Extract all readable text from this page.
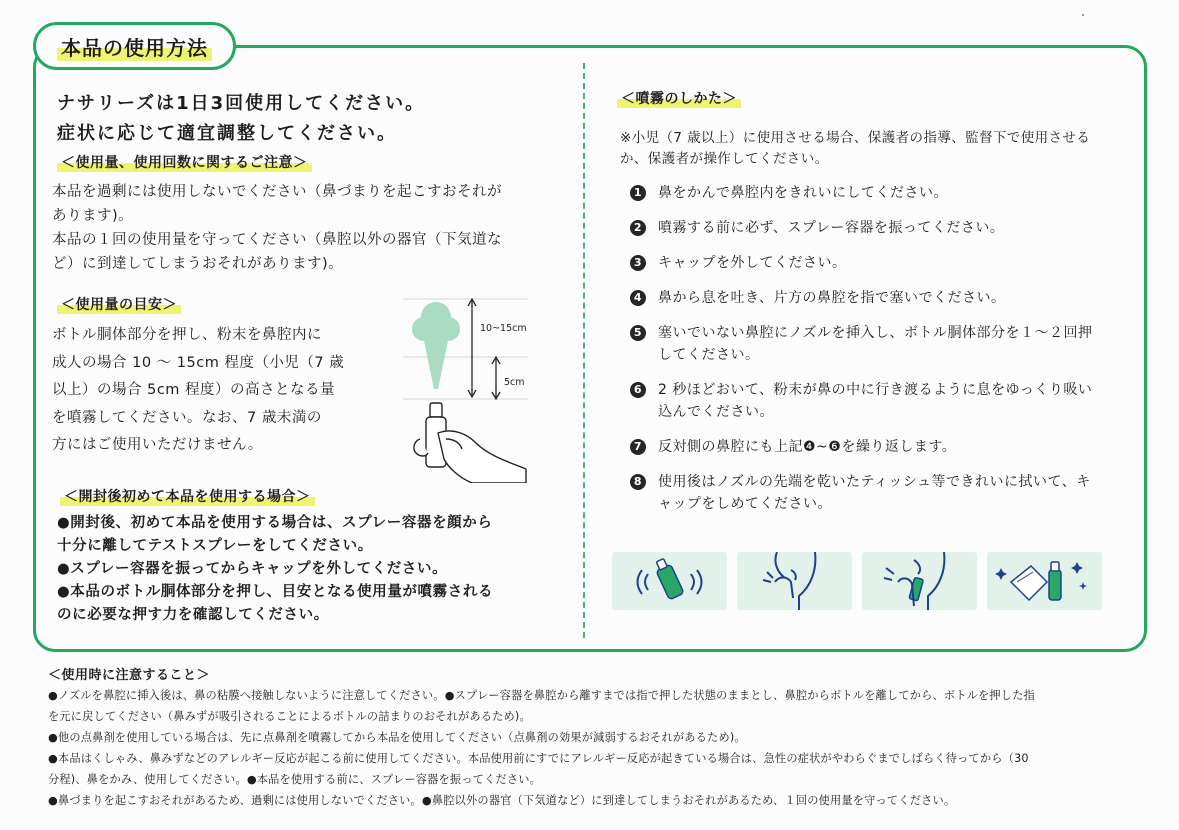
本品の使用方法
ナサリーズは1日3回使用してください。
症状に応じて適宜調整してください。
＜使用量、使用回数に関するご注意＞

本品を過剰には使用しないでください（鼻づまりを起こすおそれが

あります)。

本品の１回の使用量を守ってください（鼻腔以外の器官（下気道な

ど）に到達してしまうおそれがあります)。

＜使用量の目安＞

ボトル胴体部分を押し、粉末を鼻腔内に

成人の場合 10 ～ 15cm 程度（小児（7 歳

以上）の場合 5cm 程度）の高さとなる量

を噴霧してください。なお、7 歳未満の

方にはご使用いただけません。

10~15cm
5cm
＜開封後初めて本品を使用する場合＞

●開封後、初めて本品を使用する場合は、スプレー容器を顔から

十分に離してテストスプレーをしてください。

●スプレー容器を振ってからキャップを外してください。

●本品のボトル胴体部分を押し、目安となる使用量が噴霧される

のに必要な押す力を確認してください。

＜噴霧のしかた＞
※小児（7 歳以上）に使用させる場合、保護者の指導、監督下で使用させるか、保護者が操作してください。
1 鼻をかんで鼻腔内をきれいにしてください。
2 噴霧する前に必ず、スプレー容器を振ってください。
3 キャップを外してください。
4 鼻から息を吐き、片方の鼻腔を指で塞いでください。
5 塞いでいない鼻腔にノズルを挿入し、ボトル胴体部分を１～２回押してください。
6 2 秒ほどおいて、粉末が鼻の中に行き渡るように息をゆっくり吸い込んでください。
7 反対側の鼻腔にも上記❹~❻を繰り返します。
8 使用後はノズルの先端を乾いたティッシュ等できれいに拭いて、キャップをしめてください。
＜使用時に注意すること＞

●ノズルを鼻腔に挿入後は、鼻の粘膜へ接触しないように注意してください。●スプレー容器を鼻腔から離すまでは指で押した状態のままとし、鼻腔からボトルを離してから、ボトルを押した指

を元に戻してください（鼻みずが吸引されることによるボトルの詰まりのおそれがあるため)。

●他の点鼻剤を使用している場合は、先に点鼻剤を噴霧してから本品を使用してください（点鼻剤の効果が減弱するおそれがあるため)。

●本品はくしゃみ、鼻みずなどのアレルギー反応が起こる前に使用してください。本品使用前にすでにアレルギー反応が起きている場合は、急性の症状がやわらぐまでしばらく待ってから（30

分程)、鼻をかみ、使用してください。●本品を使用する前に、スプレー容器を振ってください。

●鼻づまりを起こすおそれがあるため、過剰には使用しないでください。●鼻腔以外の器官（下気道など）に到達してしまうおそれがあるため、１回の使用量を守ってください。
